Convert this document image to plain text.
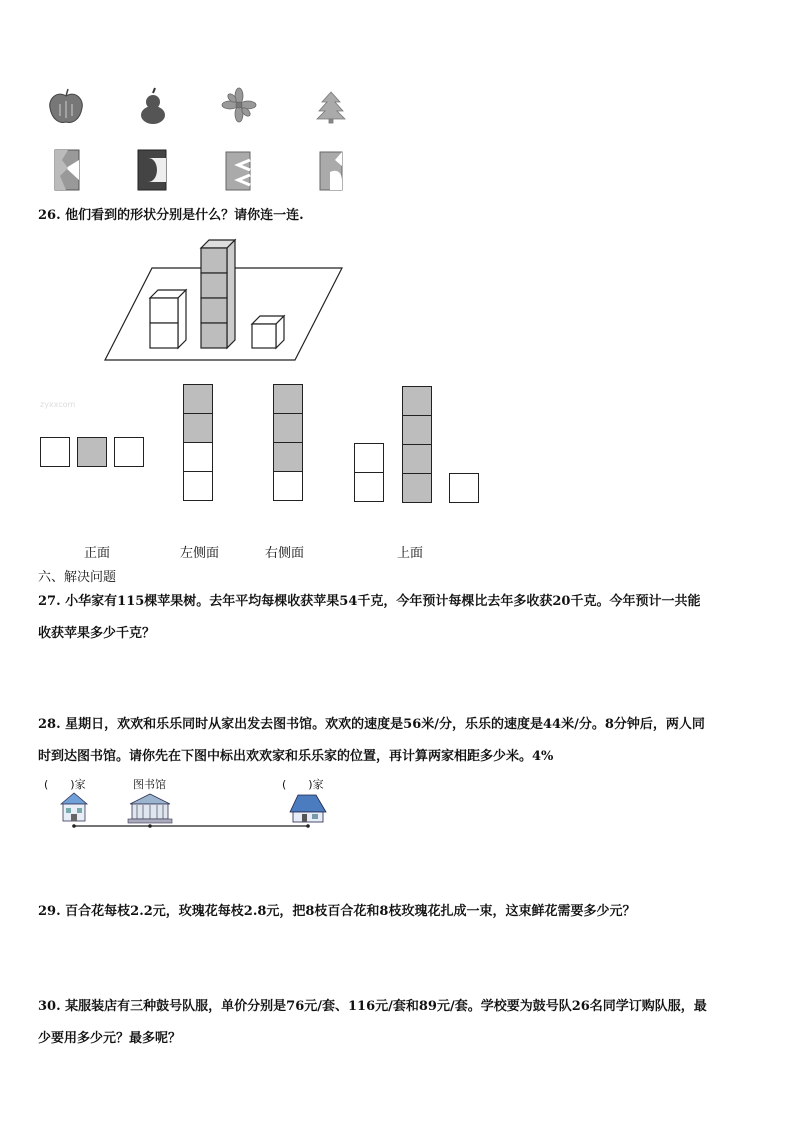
26. 他们看到的形状分别是什么？请你连一连.
zyxxcom
正面	左侧面	右侧面	上面
六、解决问题
27. 小华家有115棵苹果树。去年平均每棵收获苹果54千克，今年预计每棵比去年多收获20千克。今年预计一共能
收获苹果多少千克？
28. 星期日，欢欢和乐乐同时从家出发去图书馆。欢欢的速度是56米/分，乐乐的速度是44米/分。8分钟后，两人同
时到达图书馆。请你先在下图中标出欢欢家和乐乐家的位置，再计算两家相距多少米。4%
(　　)家	图书馆	(　　)家
29. 百合花每枝2.2元，玫瑰花每枝2.8元，把8枝百合花和8枝玫瑰花扎成一束，这束鲜花需要多少元？
30. 某服装店有三种鼓号队服，单价分别是76元/套、116元/套和89元/套。学校要为鼓号队26名同学订购队服，最
少要用多少元？最多呢？
